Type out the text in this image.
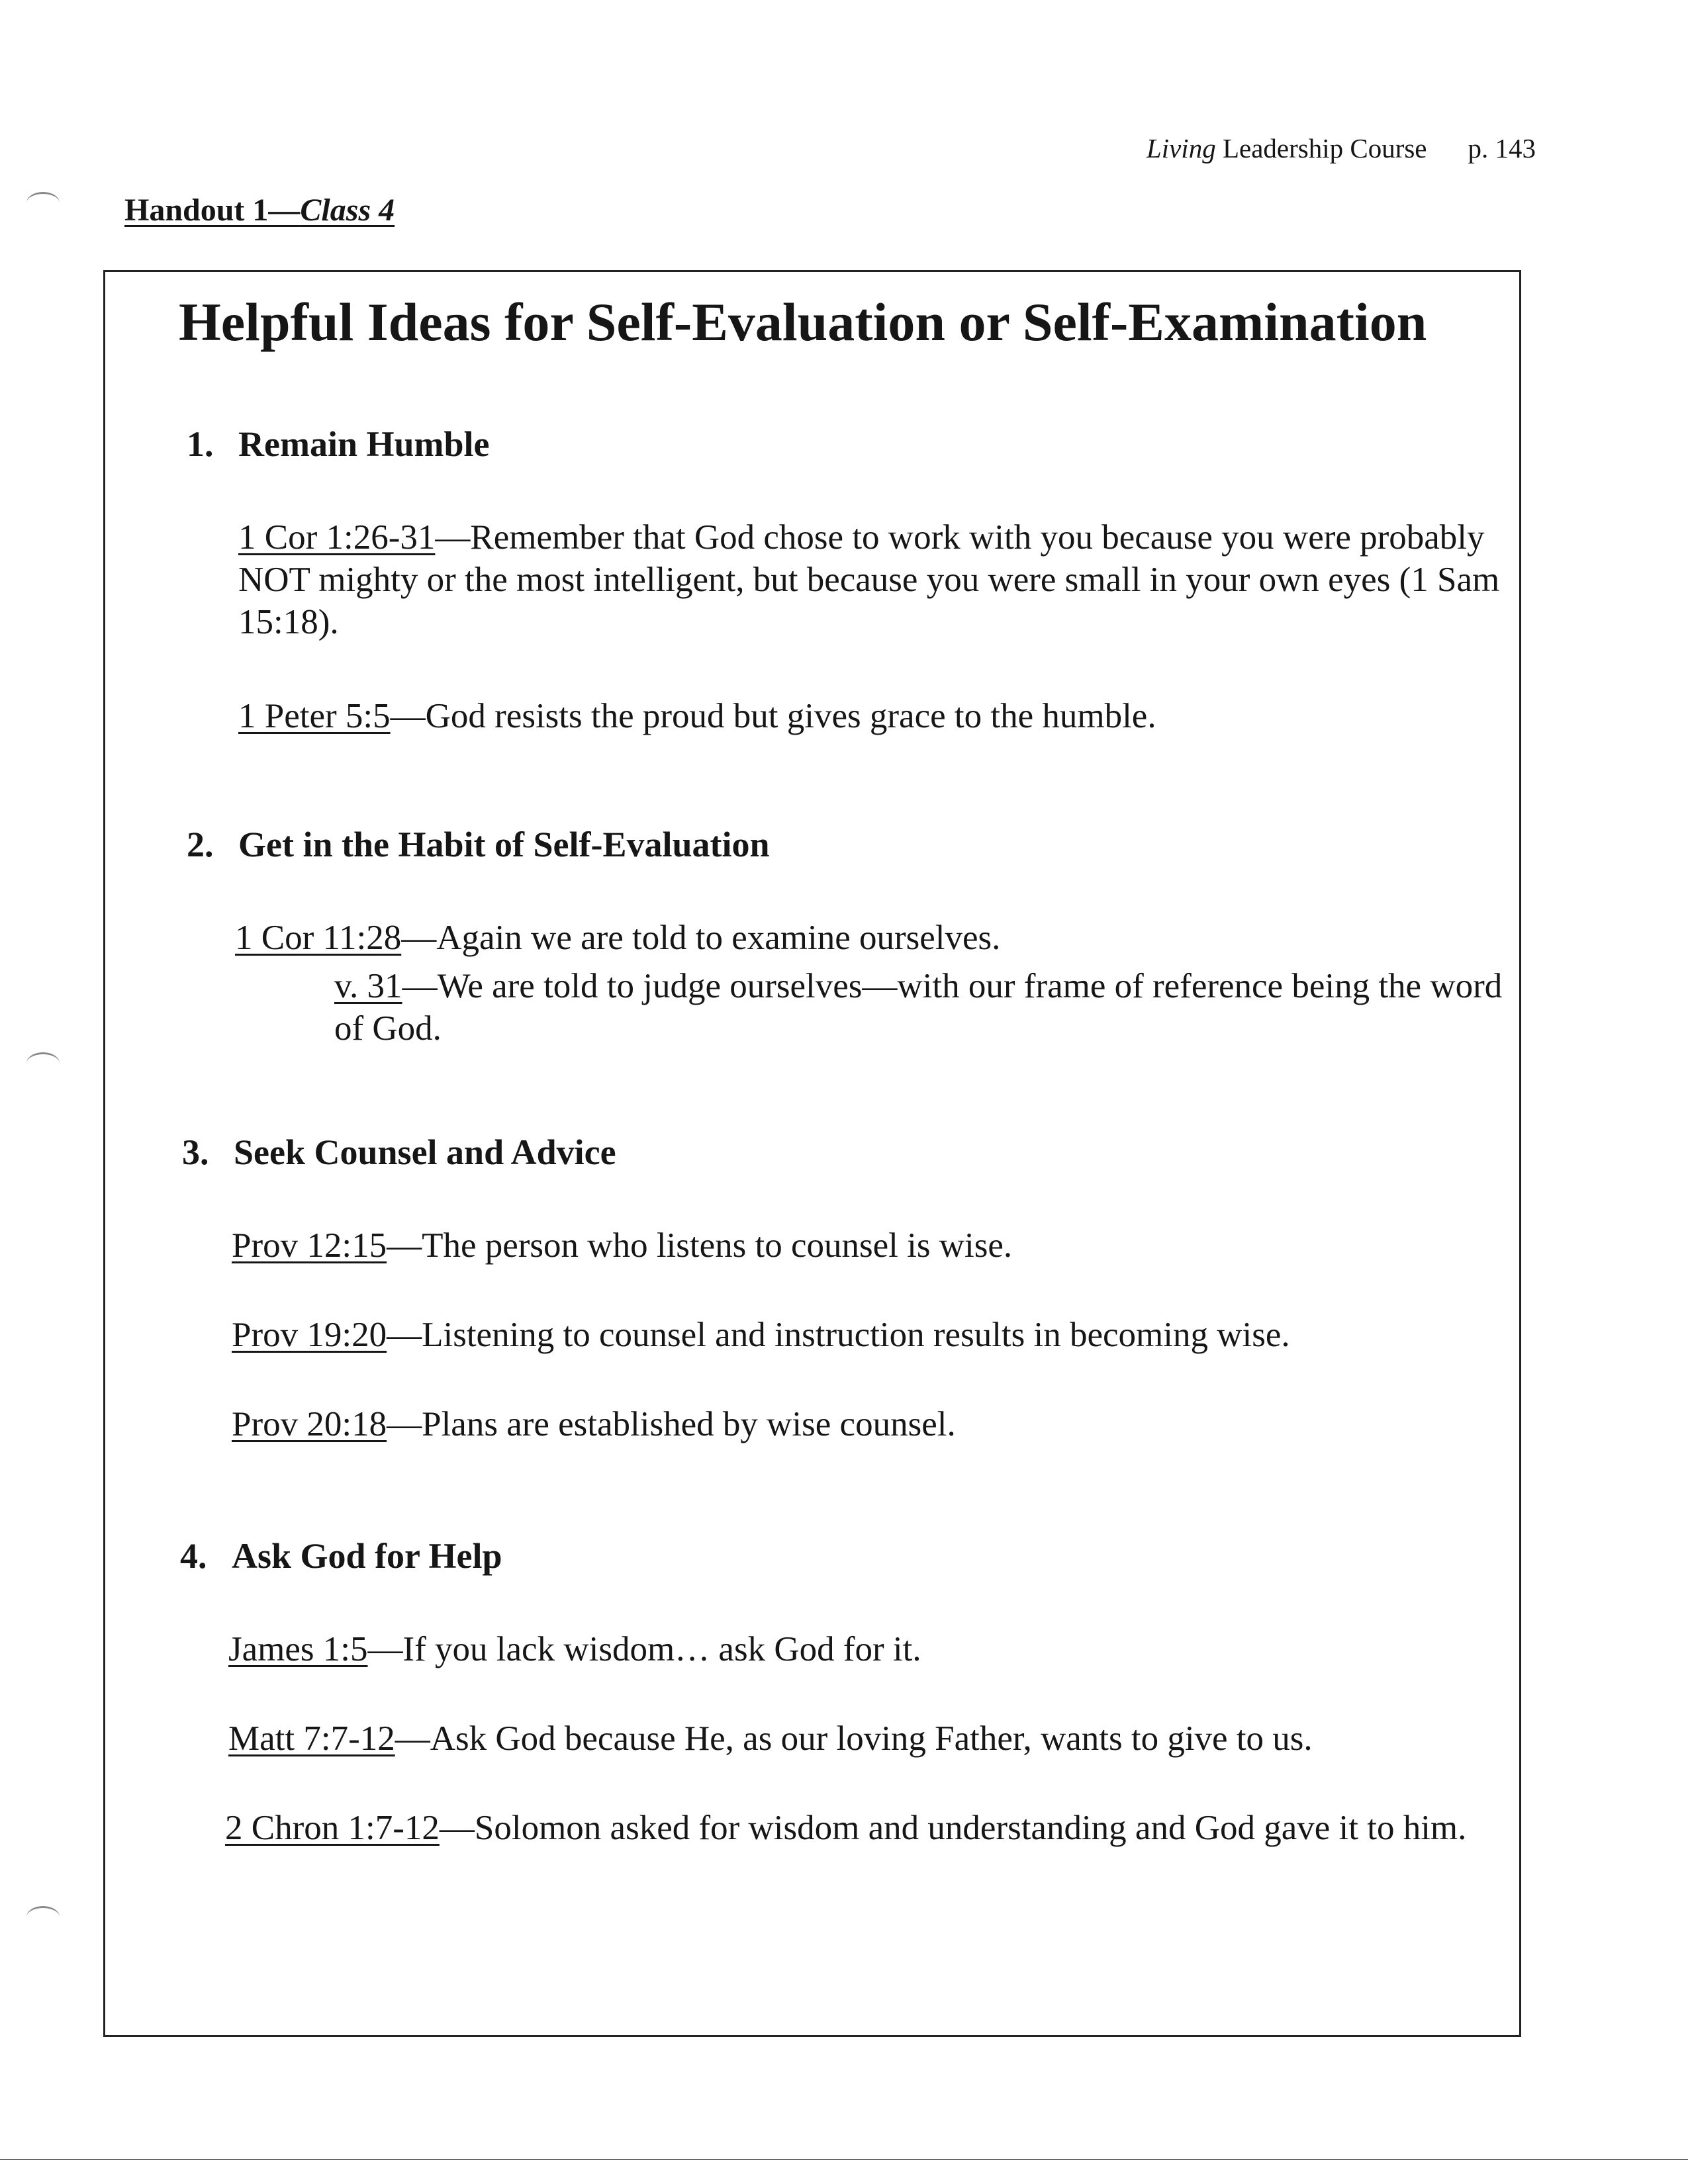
Living Leadership Course p. 143
Handout 1—Class 4
Helpful Ideas for Self-Evaluation or Self-Examination
1. Remain Humble
1 Cor 1:26-31—Remember that God chose to work with you because you were probably NOT mighty or the most intelligent, but because you were small in your own eyes (1 Sam 15:18).
1 Peter 5:5—God resists the proud but gives grace to the humble.
2. Get in the Habit of Self-Evaluation
1 Cor 11:28—Again we are told to examine ourselves.
v. 31—We are told to judge ourselves—with our frame of reference being the word of God.
3. Seek Counsel and Advice
Prov 12:15—The person who listens to counsel is wise.
Prov 19:20—Listening to counsel and instruction results in becoming wise.
Prov 20:18—Plans are established by wise counsel.
4. Ask God for Help
James 1:5—If you lack wisdom… ask God for it.
Matt 7:7-12—Ask God because He, as our loving Father, wants to give to us.
2 Chron 1:7-12—Solomon asked for wisdom and understanding and God gave it to him.
